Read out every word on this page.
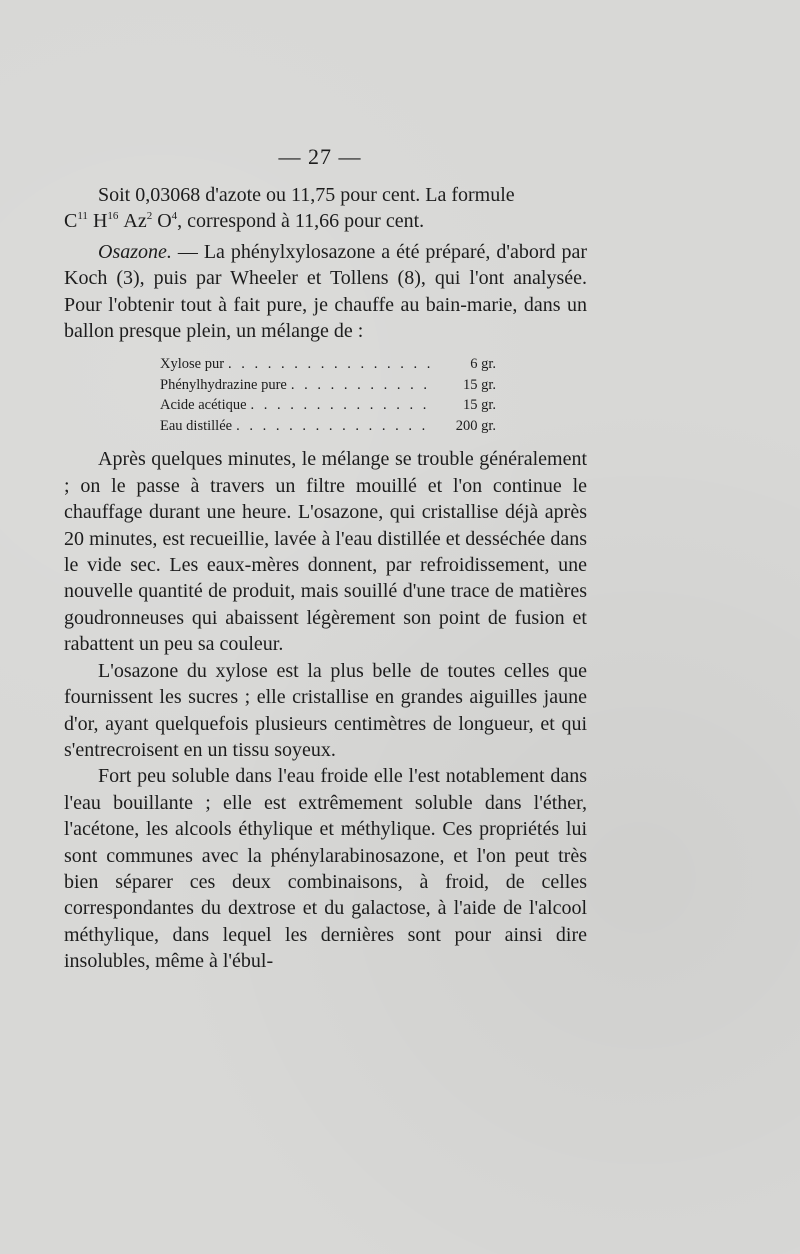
— 27 —

Soit 0,03068 d'azote ou 11,75 pour cent. La formule
$C^{11}$ $H^{16}$ Az$^2$ $O^4$, correspond à 11,66 pour cent.

Osazone. — La phénylxylosazone a été préparé, d'abord par Koch (3), puis par Wheeler et Tollens (8), qui l'ont analysée. Pour l'obtenir tout à fait pure, je chauffe au bain-marie, dans un ballon presque plein, un mélange de :

Xylose pur . . .	6 gr.
Phénylhydrazine pure . . .	15 gr.
Acide acétique . . .	15 gr.
Eau distillée . . .	200 gr.

Après quelques minutes, le mélange se trouble généralement ; on le passe à travers un filtre mouillé et l'on continue le chauffage durant une heure. L'osazone, qui cristallise déjà après 20 minutes, est recueillie, lavée à l'eau distillée et desséchée dans le vide sec. Les eaux-mères donnent, par refroidissement, une nouvelle quantité de produit, mais souillé d'une trace de matières goudronneuses qui abaissent légèrement son point de fusion et rabattent un peu sa couleur.

L'osazone du xylose est la plus belle de toutes celles que fournissent les sucres ; elle cristallise en grandes aiguilles jaune d'or, ayant quelquefois plusieurs centimètres de longueur, et qui s'entrecroisent en un tissu soyeux.

Fort peu soluble dans l'eau froide elle l'est notablement dans l'eau bouillante ; elle est extrêmement soluble dans l'éther, l'acétone, les alcools éthylique et méthylique. Ces propriétés lui sont communes avec la phénylarabinosazone, et l'on peut très bien séparer ces deux combinaisons, à froid, de celles correspondantes du dextrose et du galactose, à l'aide de l'alcool méthylique, dans lequel les dernières sont pour ainsi dire insolubles, même à l'ébul-
